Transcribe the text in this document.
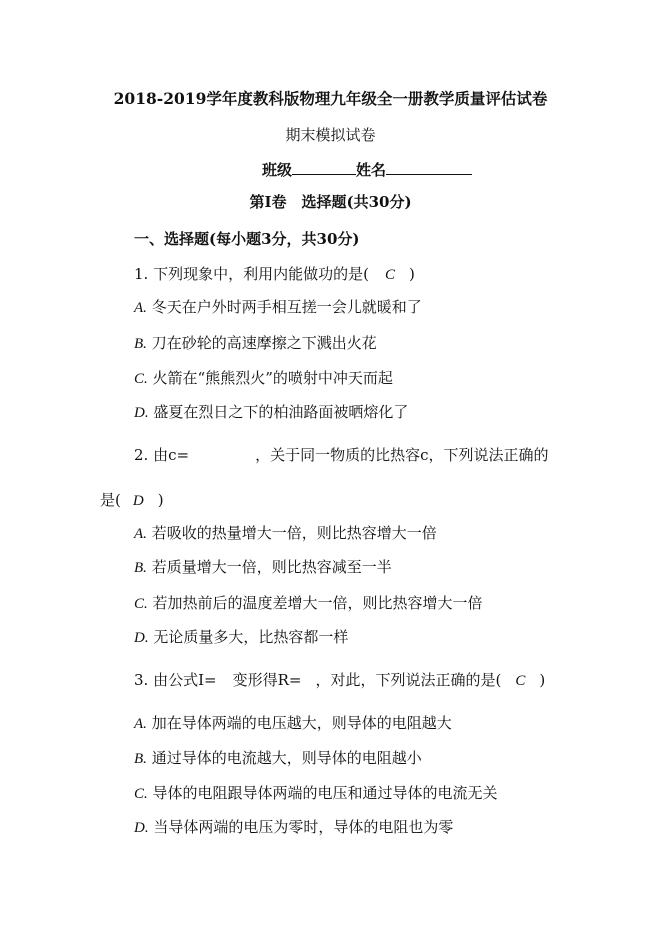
2018-2019学年度教科版物理九年级全一册教学质量评估试卷
期末模拟试卷
班级	姓名
第Ⅰ卷　选择题(共30分)
一、选择题(每小题3分，共30分)
1. 下列现象中，利用内能做功的是( C )
A. 冬天在户外时两手相互搓一会儿就暖和了
B. 刀在砂轮的高速摩擦之下溅出火花
C. 火箭在“熊熊烈火”的喷射中冲天而起
D. 盛夏在烈日之下的柏油路面被晒熔化了
2. 由c=	，关于同一物质的比热容c，下列说法正确的
是( D )
A. 若吸收的热量增大一倍，则比热容增大一倍
B. 若质量增大一倍，则比热容减至一半
C. 若加热前后的温度差增大一倍，则比热容增大一倍
D. 无论质量多大，比热容都一样
3. 由公式I= 变形得R= ，对此，下列说法正确的是( C )
A. 加在导体两端的电压越大，则导体的电阻越大
B. 通过导体的电流越大，则导体的电阻越小
C. 导体的电阻跟导体两端的电压和通过导体的电流无关
D. 当导体两端的电压为零时，导体的电阻也为零
